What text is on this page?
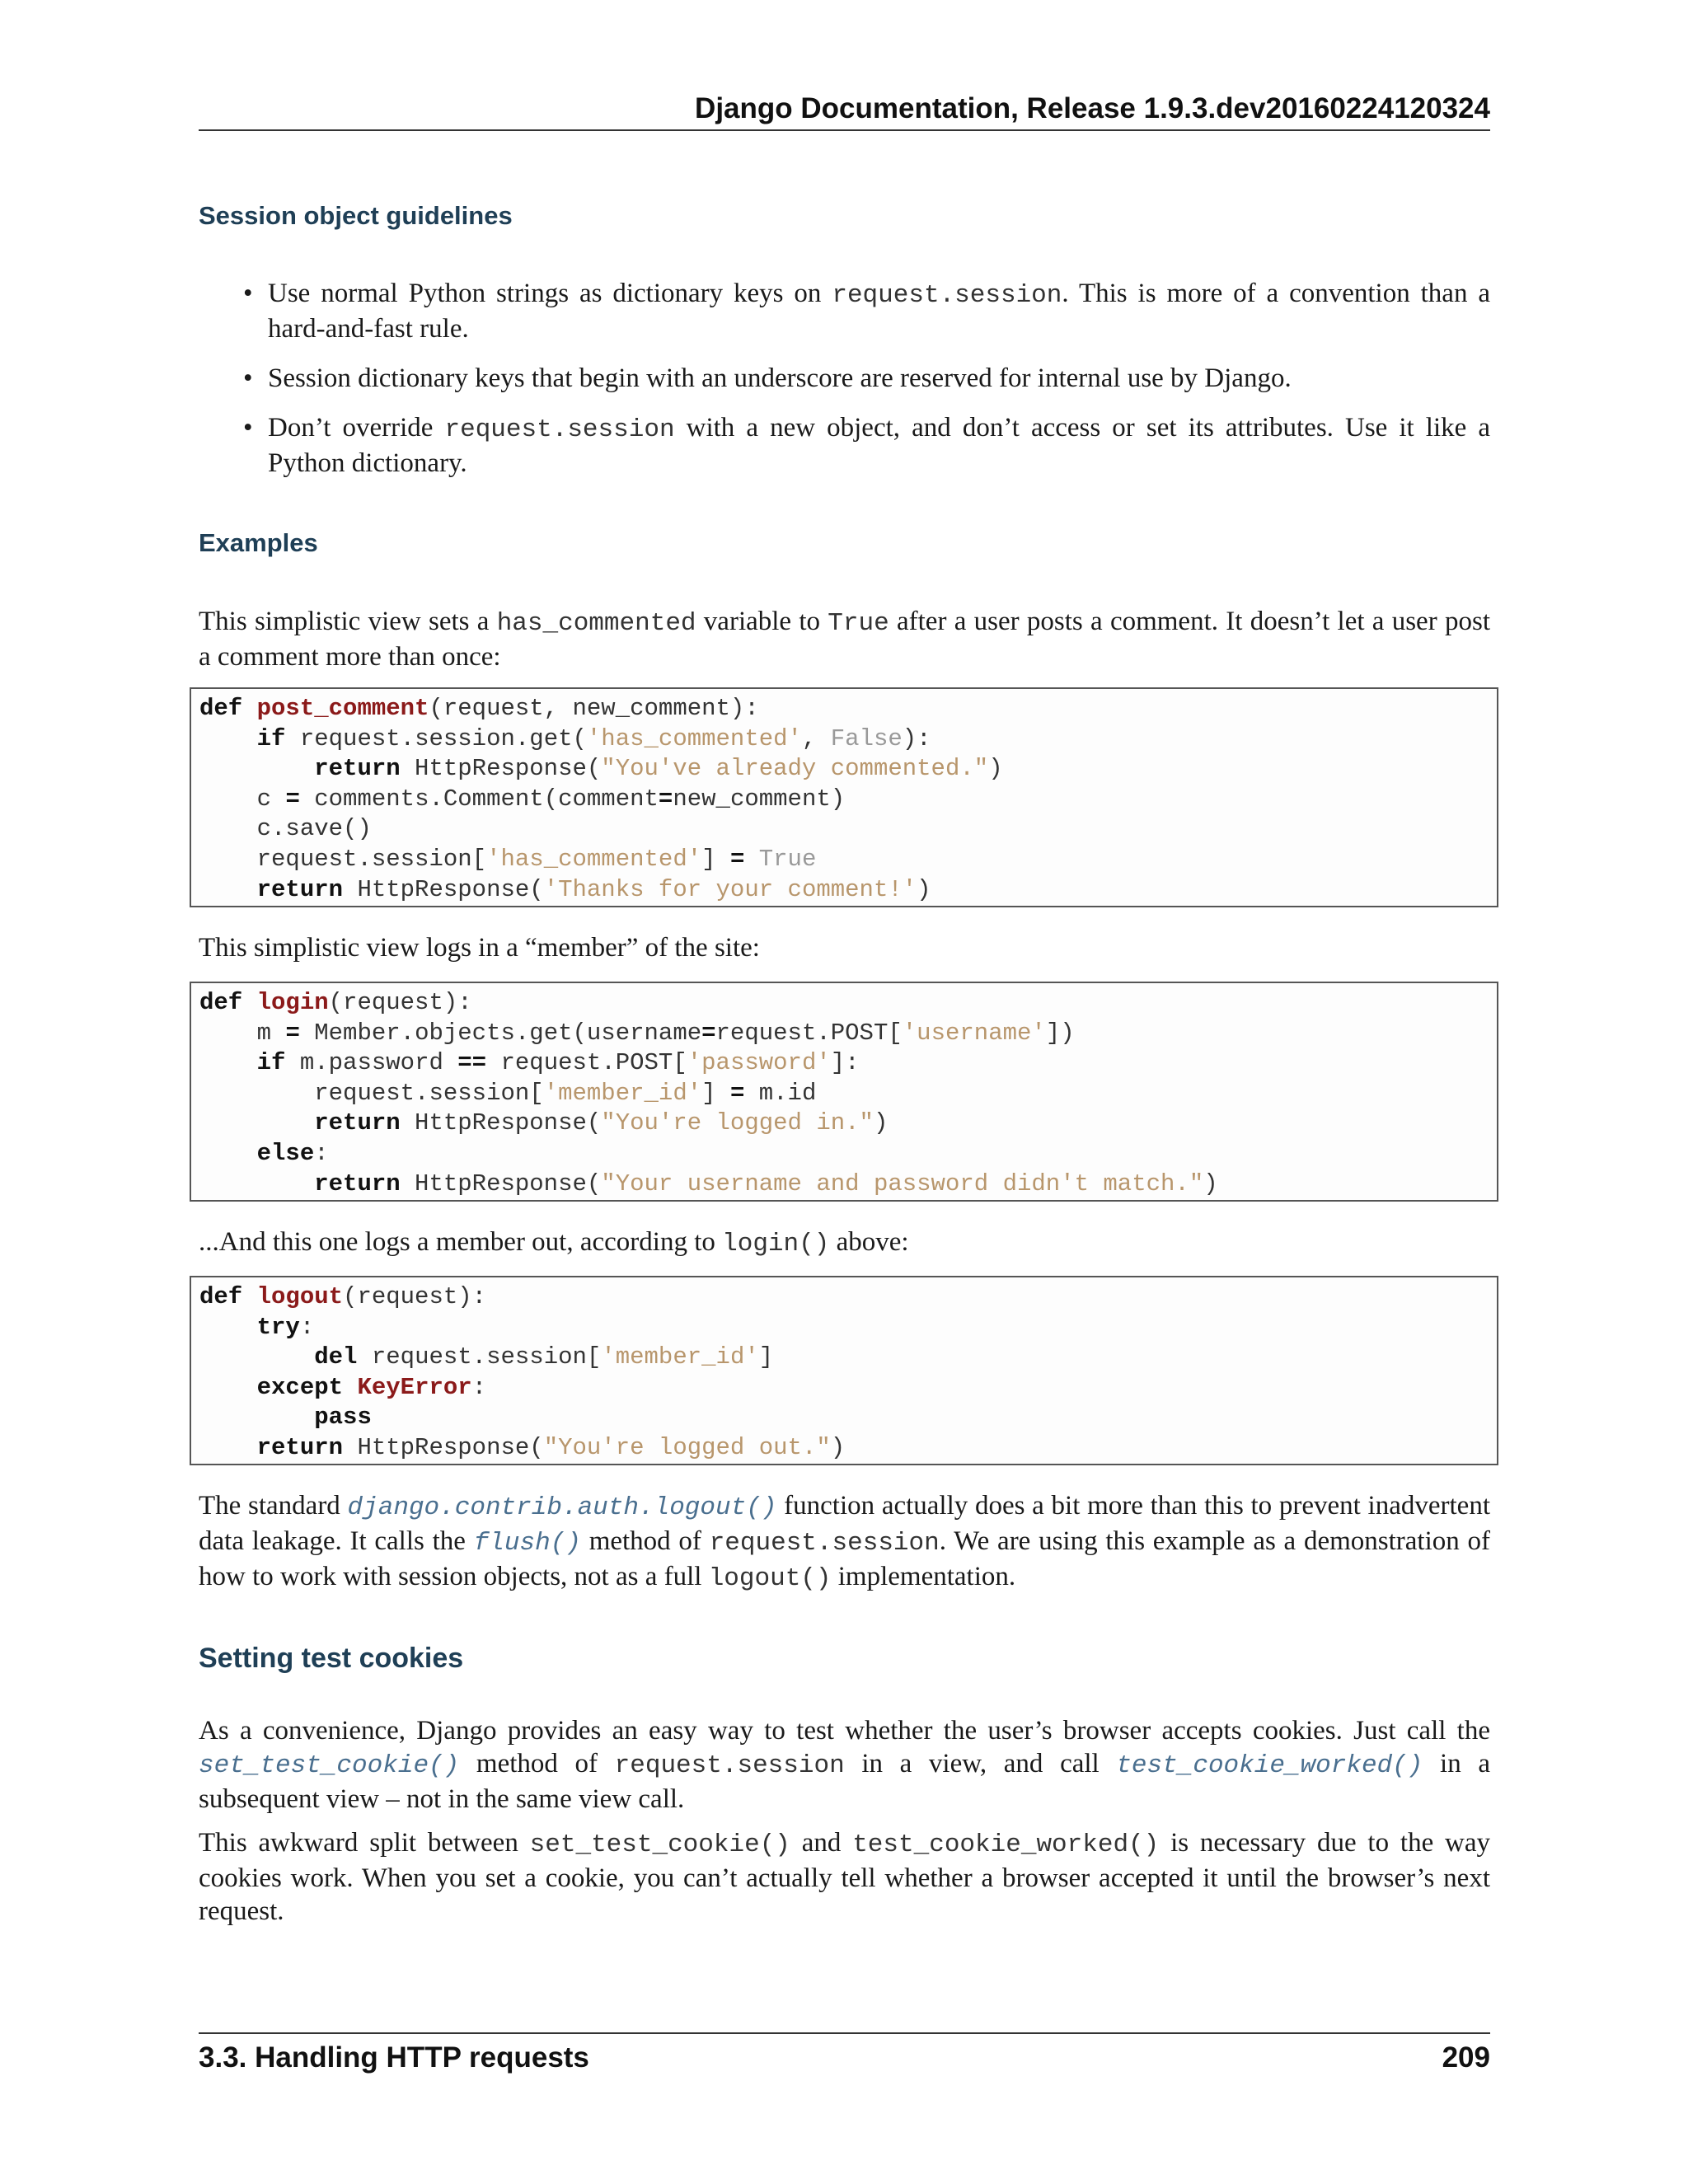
Django Documentation, Release 1.9.3.dev20160224120324
Session object guidelines
• Use normal Python strings as dictionary keys on request.session. This is more of a convention than a hard-and-fast rule.
• Session dictionary keys that begin with an underscore are reserved for internal use by Django.
• Don’t override request.session with a new object, and don’t access or set its attributes. Use it like a Python dictionary.
Examples

This simplistic view sets a has_commented variable to True after a user posts a comment. It doesn’t let a user post a comment more than once:

def post_comment(request, new_comment):
if request.session.get('has_commented', False):
return HttpResponse("You've already commented.")
c = comments.Comment(comment=new_comment)
c.save()
request.session['has_commented'] = True
return HttpResponse('Thanks for your comment!')

This simplistic view logs in a “member” of the site:

def login(request):
m = Member.objects.get(username=request.POST['username'])
if m.password == request.POST['password']:
request.session['member_id'] = m.id
return HttpResponse("You're logged in.")
else:
return HttpResponse("Your username and password didn't match.")

...And this one logs a member out, according to login() above:

def logout(request):
try:
del request.session['member_id']
except KeyError:
pass
return HttpResponse("You're logged out.")

The standard django.contrib.auth.logout() function actually does a bit more than this to prevent inadvertent data leakage. It calls the flush() method of request.session. We are using this example as a demonstration of how to work with session objects, not as a full logout() implementation.

Setting test cookies

As a convenience, Django provides an easy way to test whether the user’s browser accepts cookies. Just call the set_test_cookie() method of request.session in a view, and call test_cookie_worked() in a subsequent view – not in the same view call.

This awkward split between set_test_cookie() and test_cookie_worked() is necessary due to the way cookies work. When you set a cookie, you can’t actually tell whether a browser accepted it until the browser’s next request.

3.3. Handling HTTP requests	209
